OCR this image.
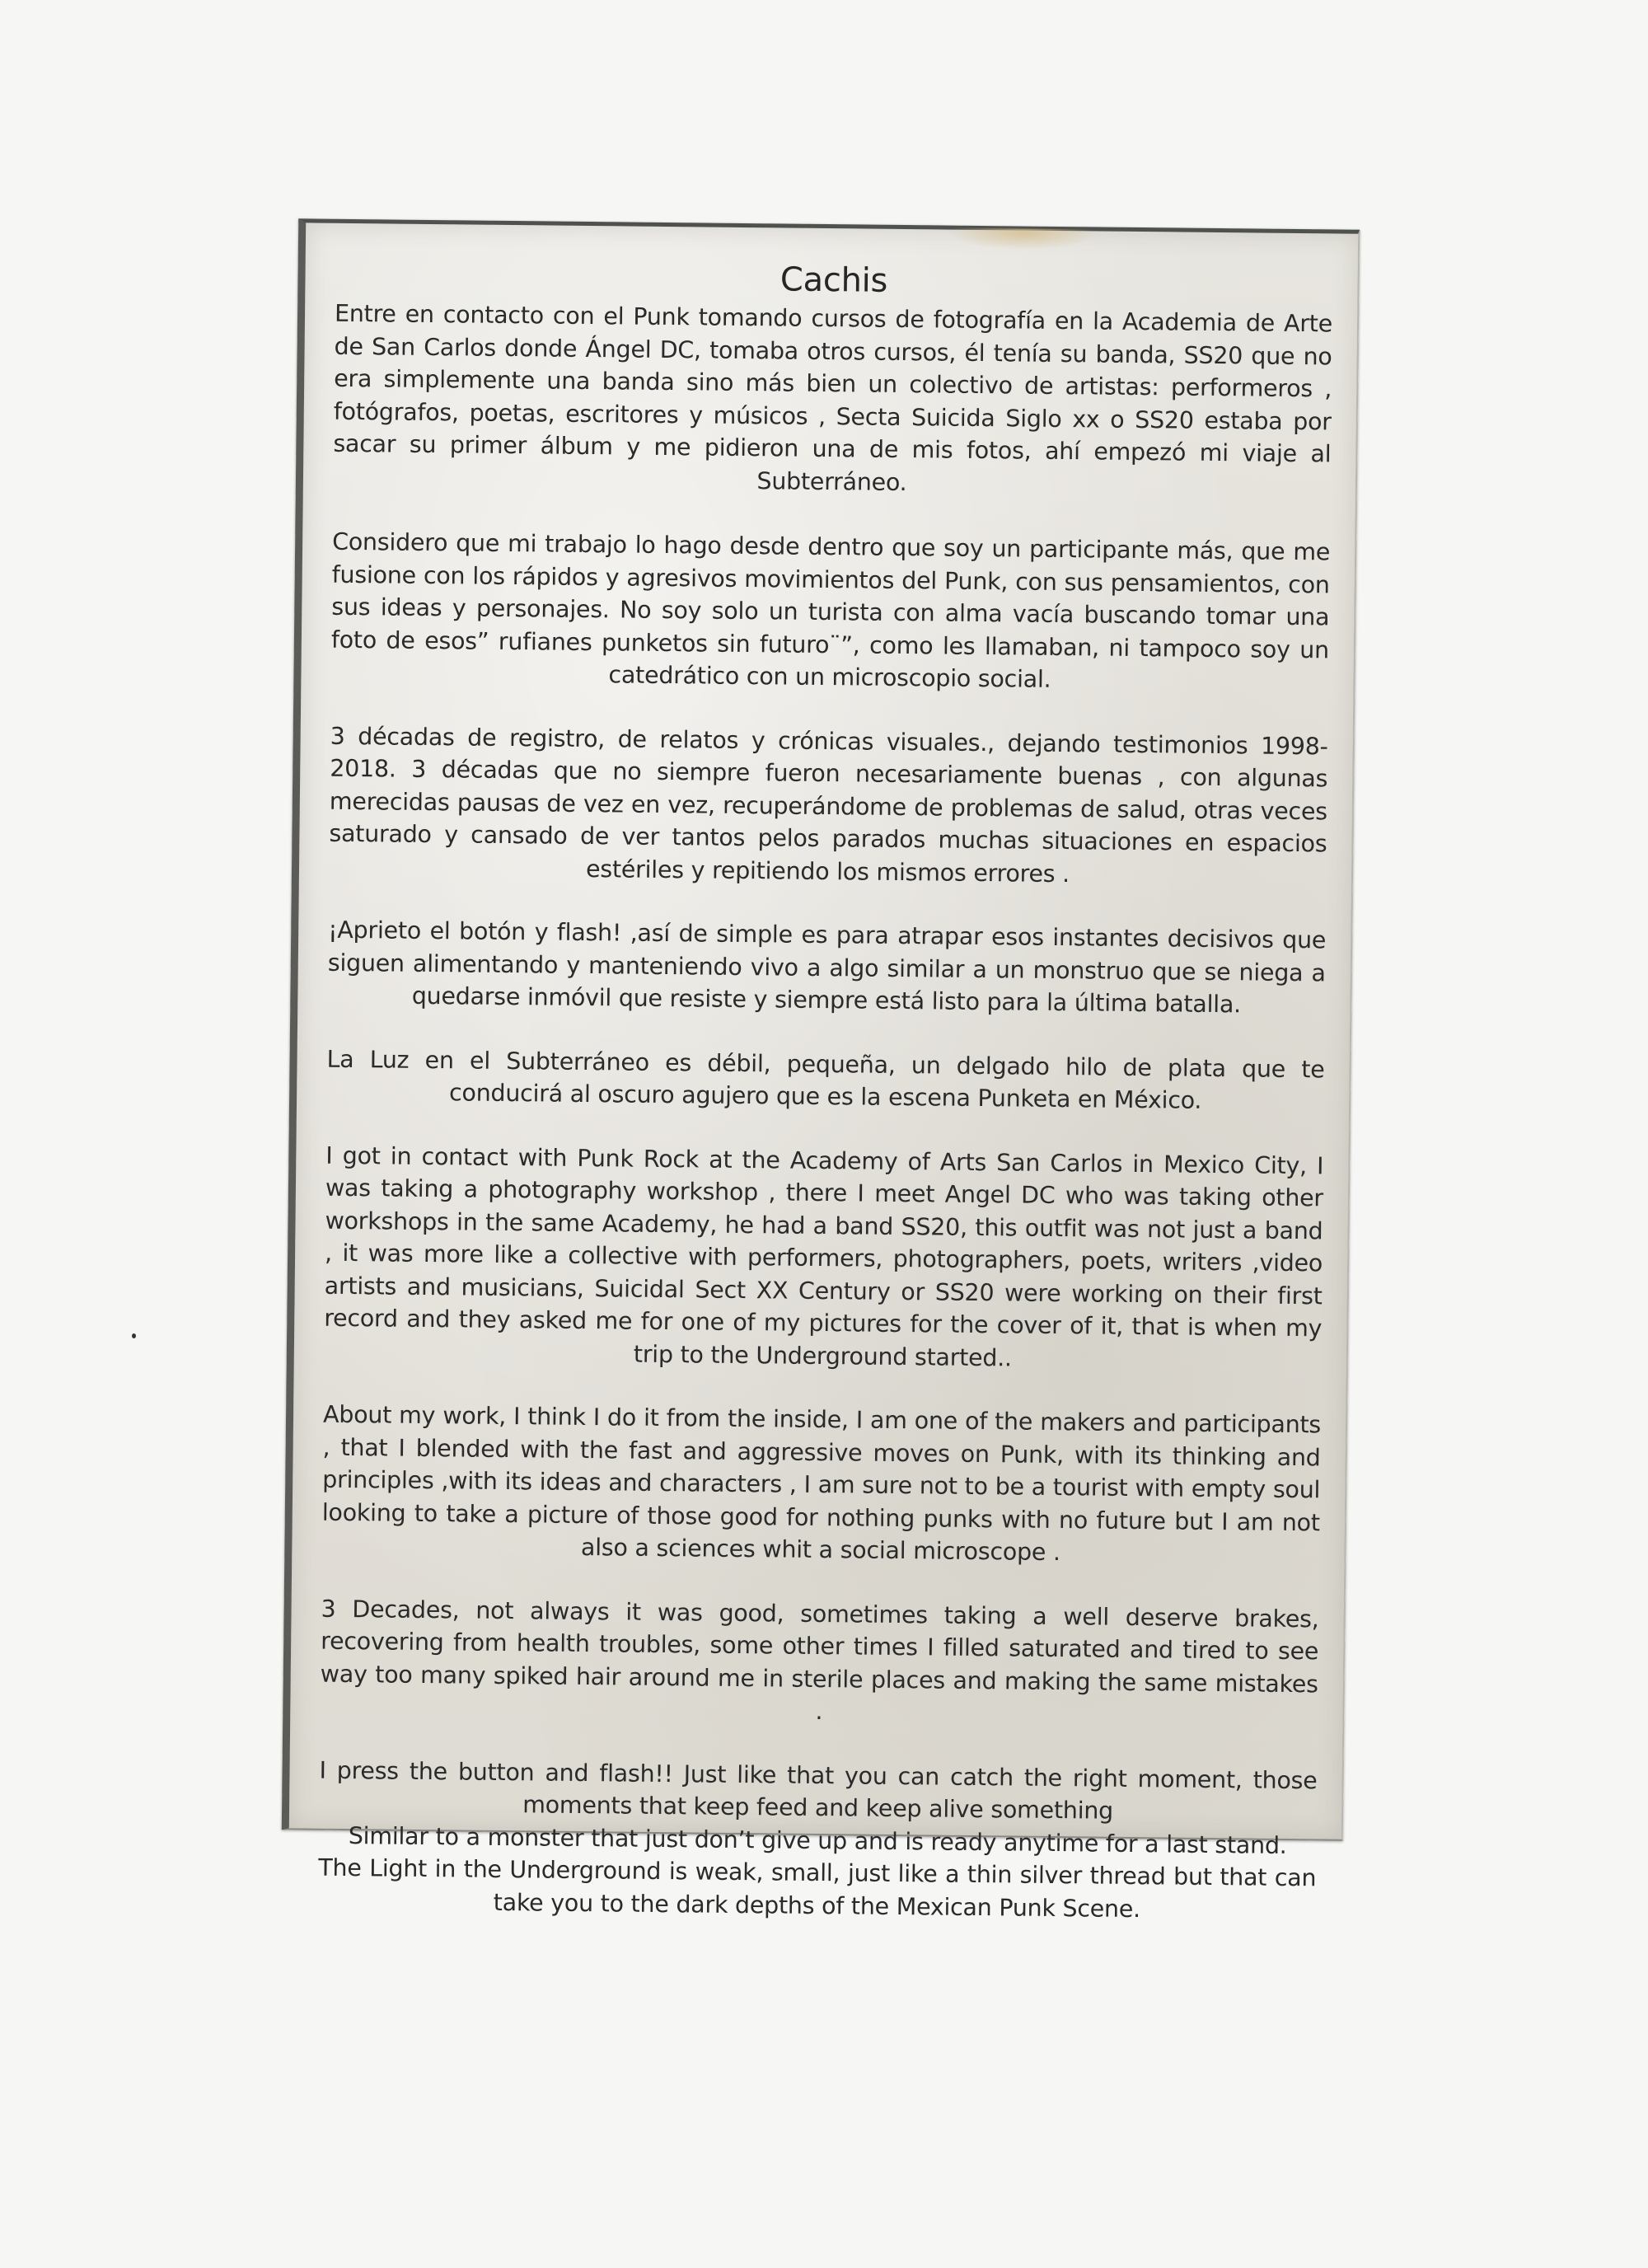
Cachis

Entre en contacto con el Punk tomando cursos de fotografía en la Academia de Arte de San Carlos donde Ángel DC, tomaba otros cursos, él tenía su banda, SS20 que no era simplemente una banda sino más bien un colectivo de artistas: performeros , fotógrafos, poetas, escritores y músicos , Secta Suicida Siglo xx o SS20 estaba por sacar su primer álbum y me pidieron una de mis fotos, ahí empezó mi viaje al Subterráneo.

Considero que mi trabajo lo hago desde dentro que soy un participante más, que me fusione con los rápidos y agresivos movimientos del Punk, con sus pensamientos, con sus ideas y personajes. No soy solo un turista con alma vacía buscando tomar una foto de esos” rufianes punketos sin futuro¨”, como les llamaban, ni tampoco soy un catedrático con un microscopio social.

3 décadas de registro, de relatos y crónicas visuales., dejando testimonios 1998-2018. 3 décadas que no siempre fueron necesariamente buenas , con algunas merecidas pausas de vez en vez, recuperándome de problemas de salud, otras veces saturado y cansado de ver tantos pelos parados muchas situaciones en espacios estériles y repitiendo los mismos errores .

¡Aprieto el botón y flash! ,así de simple es para atrapar esos instantes decisivos que siguen alimentando y manteniendo vivo a algo similar a un monstruo que se niega a quedarse inmóvil que resiste y siempre está listo para la última batalla.

La Luz en el Subterráneo es débil, pequeña, un delgado hilo de plata que te conducirá al oscuro agujero que es la escena Punketa en México.

I got in contact with Punk Rock at the Academy of Arts San Carlos in Mexico City, I was taking a photography workshop , there I meet Angel DC who was taking other workshops in the same Academy, he had a band SS20, this outfit was not just a band , it was more like a collective with performers, photographers, poets, writers ,video artists and musicians, Suicidal Sect XX Century or SS20 were working on their first record and they asked me for one of my pictures for the cover of it, that is when my trip to the Underground started..

About my work, I think I do it from the inside, I am one of the makers and participants , that I blended with the fast and aggressive moves on Punk, with its thinking and principles ,with its ideas and characters , I am sure not to be a tourist with empty soul looking to take a picture of those good for nothing punks with no future but I am not also a sciences whit a social microscope .

3 Decades, not always it was good, sometimes taking a well deserve brakes, recovering from health troubles, some other times I filled saturated and tired to see way too many spiked hair around me in sterile places and making the same mistakes .

I press the button and flash!! Just like that you can catch the right moment, those moments that keep feed and keep alive something

Similar to a monster that just don’t give up and is ready anytime for a last stand.

The Light in the Underground is weak, small, just like a thin silver thread but that can take you to the dark depths of the Mexican Punk Scene.
